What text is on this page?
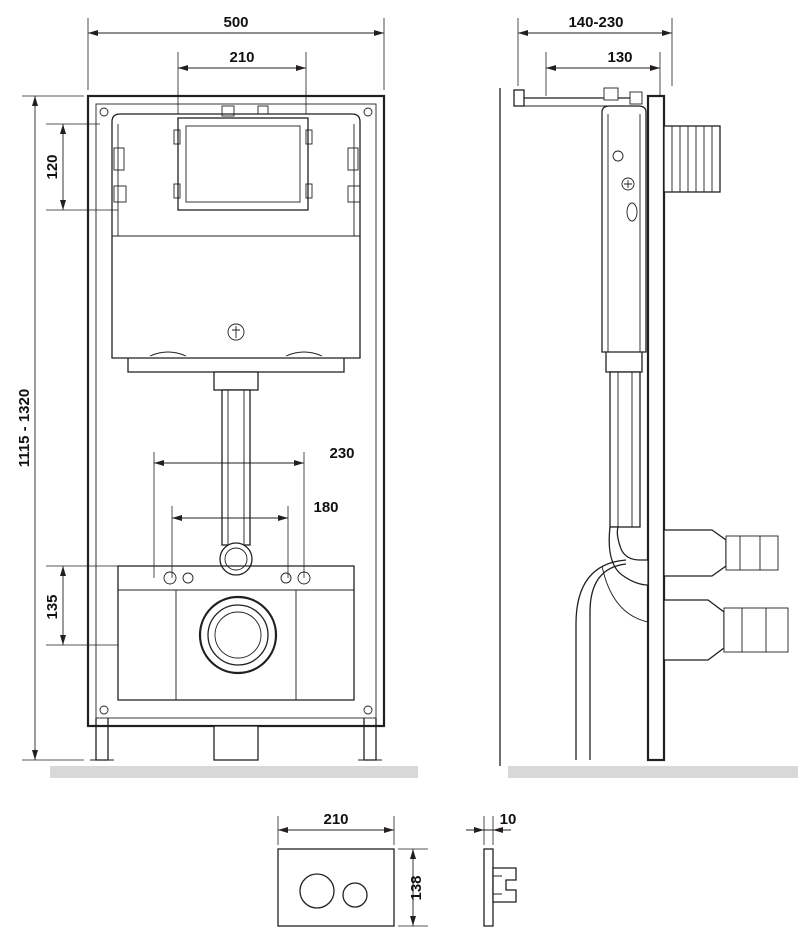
500
210
120
1115 - 1320	230
180
135
140-230
130
210
138
10
